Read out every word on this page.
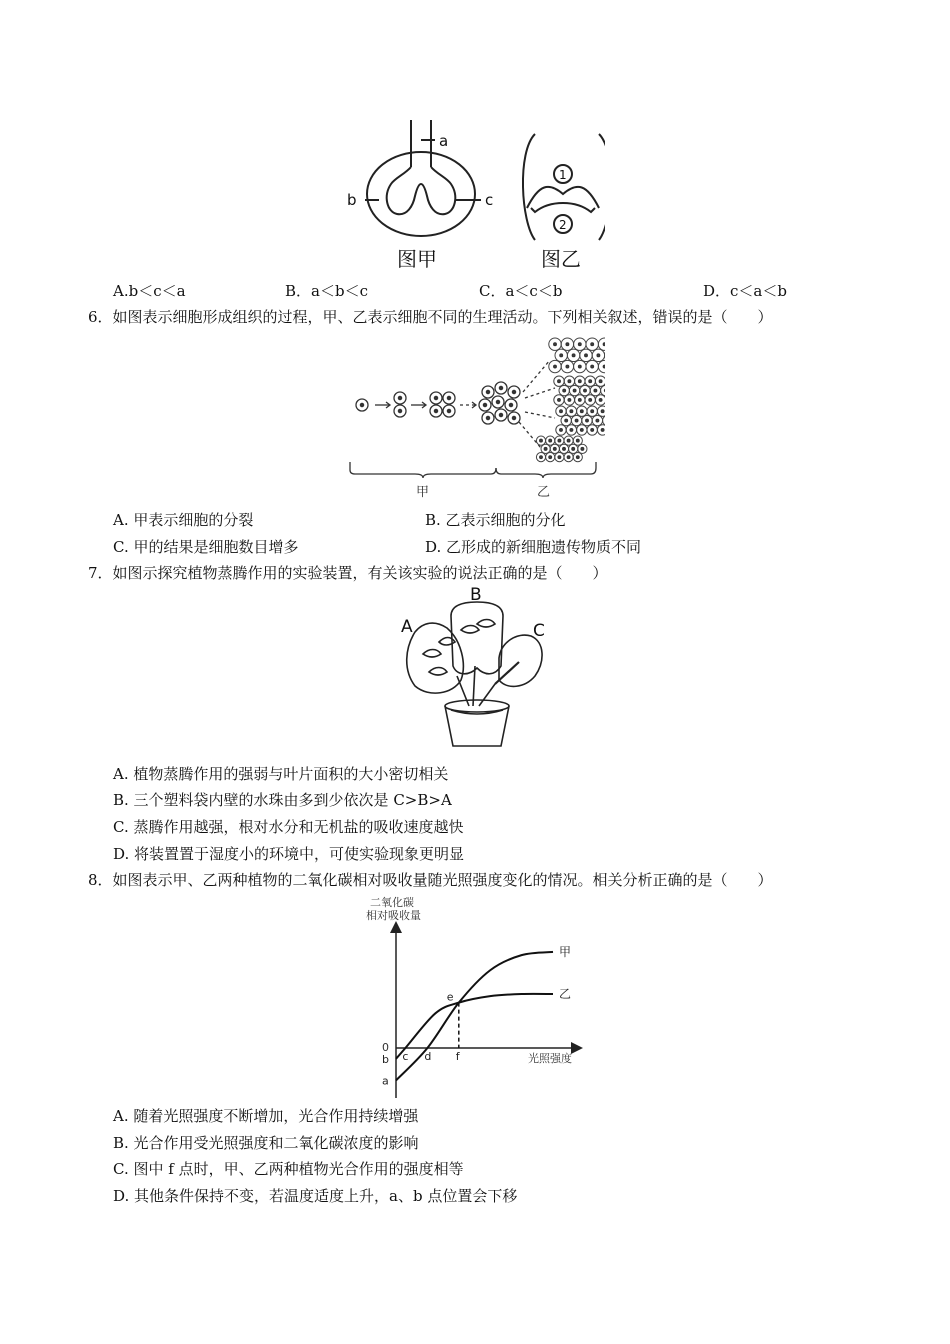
a
b	c
图甲
1
2
图乙
A.b＜c＜a	B．a＜b＜c	C．a＜c＜b	D．c＜a＜b
6．如图表示细胞形成组织的过程，甲、乙表示细胞不同的生理活动。下列相关叙述，错误的是（　　）
甲	乙
A. 甲表示细胞的分裂	B. 乙表示细胞的分化
C. 甲的结果是细胞数目增多	D. 乙形成的新细胞遗传物质不同
7．如图示探究植物蒸腾作用的实验装置，有关该实验的说法正确的是（　　）
A
B
C
A. 植物蒸腾作用的强弱与叶片面积的大小密切相关
B. 三个塑料袋内壁的水珠由多到少依次是 C>B>A
C. 蒸腾作用越强，根对水分和无机盐的吸收速度越快
D. 将装置置于湿度小的环境中，可使实验现象更明显
8．如图表示甲、乙两种植物的二氧化碳相对吸收量随光照强度变化的情况。相关分析正确的是（　　）
二氧化碳
相对吸收量
光照强度
0
甲
乙
e
c d f
b
a
A. 随着光照强度不断增加，光合作用持续增强
B. 光合作用受光照强度和二氧化碳浓度的影响
C. 图中 f 点时，甲、乙两种植物光合作用的强度相等
D. 其他条件保持不变，若温度适度上升，a、b 点位置会下移
